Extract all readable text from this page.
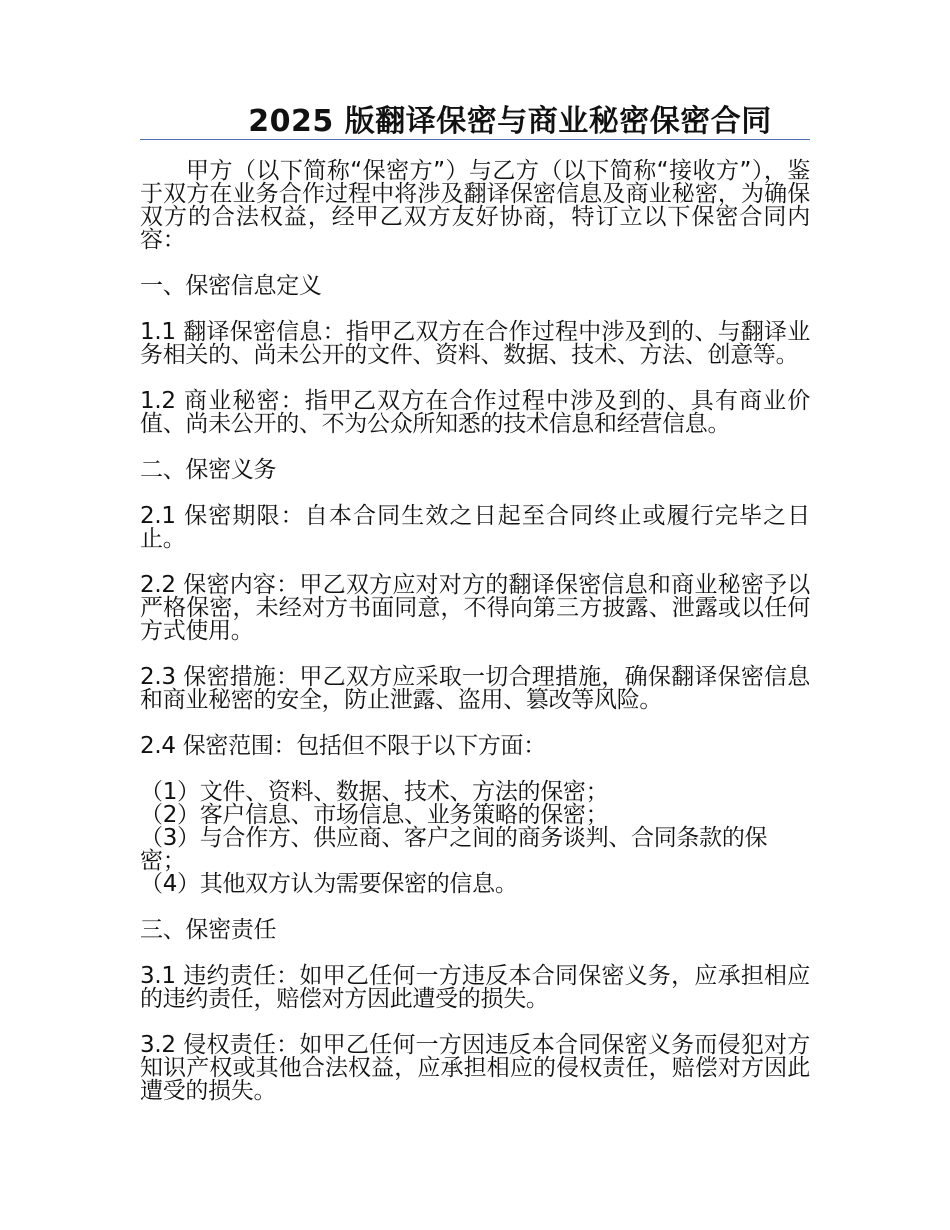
2025 版翻译保密与商业秘密保密合同

甲方（以下简称“保密方”）与乙方（以下简称“接收方”），鉴于双方在业务合作过程中将涉及翻译保密信息及商业秘密，为确保双方的合法权益，经甲乙双方友好协商，特订立以下保密合同内容：

一、保密信息定义

1.1 翻译保密信息：指甲乙双方在合作过程中涉及到的、与翻译业务相关的、尚未公开的文件、资料、数据、技术、方法、创意等。

1.2 商业秘密：指甲乙双方在合作过程中涉及到的、具有商业价值、尚未公开的、不为公众所知悉的技术信息和经营信息。

二、保密义务

2.1 保密期限：自本合同生效之日起至合同终止或履行完毕之日止。

2.2 保密内容：甲乙双方应对对方的翻译保密信息和商业秘密予以严格保密，未经对方书面同意，不得向第三方披露、泄露或以任何方式使用。

2.3 保密措施：甲乙双方应采取一切合理措施，确保翻译保密信息和商业秘密的安全，防止泄露、盗用、篡改等风险。

2.4 保密范围：包括但不限于以下方面：

（1）文件、资料、数据、技术、方法的保密；
（2）客户信息、市场信息、业务策略的保密；
（3）与合作方、供应商、客户之间的商务谈判、合同条款的保密；
（4）其他双方认为需要保密的信息。
三、保密责任

3.1 违约责任：如甲乙任何一方违反本合同保密义务，应承担相应的违约责任，赔偿对方因此遭受的损失。

3.2 侵权责任：如甲乙任何一方因违反本合同保密义务而侵犯对方知识产权或其他合法权益，应承担相应的侵权责任，赔偿对方因此遭受的损失。
